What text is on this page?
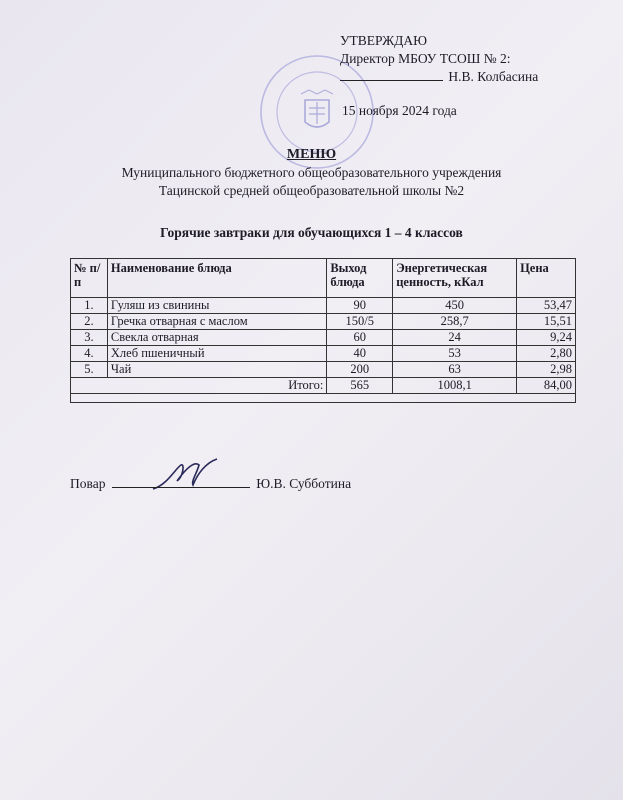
УТВЕРЖДАЮ
Директор МБОУ ТСОШ № 2:
Н.В. Колбасина
15 ноября 2024 года
МЕНЮ
Муниципального бюджетного общеобразовательного учреждения
Тацинской средней общеобразовательной школы №2
Горячие завтраки для обучающихся 1 – 4 классов
№ п/п	Наименование блюда	Выход блюда	Энергетическая ценность, кКал	Цена
1.	Гуляш из свинины	90	450	53,47
2.	Гречка отварная с маслом	150/5	258,7	15,51
3.	Свекла отварная	60	24	9,24
4.	Хлеб пшеничный	40	53	2,80
5.	Чай	200	63	2,98
Итого:		565	1008,1	84,00

Повар	Ю.В. Субботина
